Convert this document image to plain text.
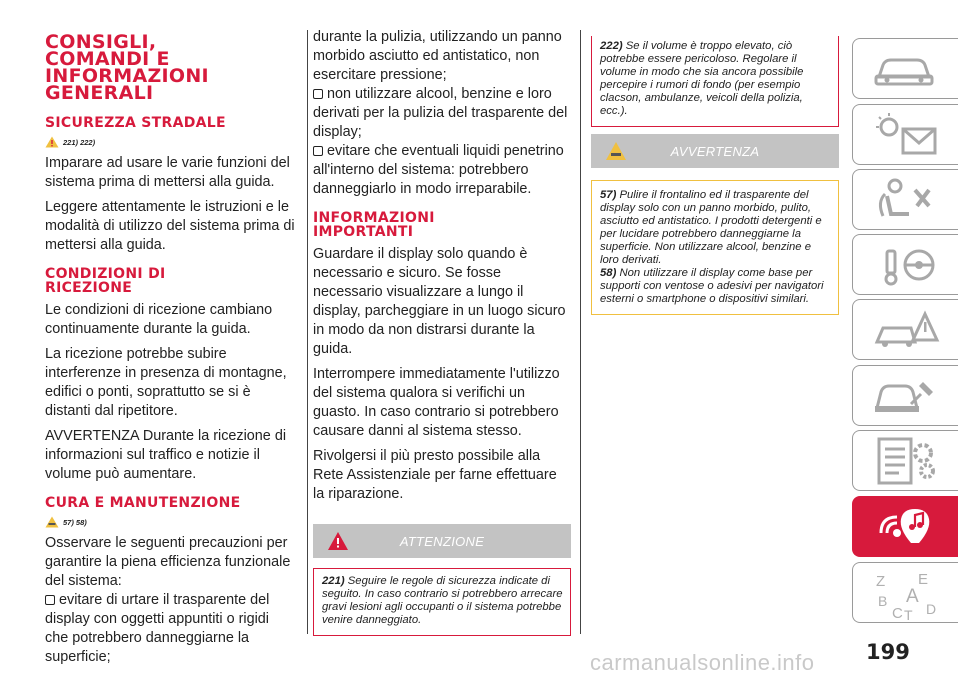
CONSIGLI,
COMANDI E
INFORMAZIONI
GENERALI
SICUREZZA STRADALE
221) 222)

Imparare ad usare le varie funzioni del sistema prima di mettersi alla guida.

Leggere attentamente le istruzioni e le modalità di utilizzo del sistema prima di mettersi alla guida.

CONDIZIONI DI
RICEZIONE

Le condizioni di ricezione cambiano continuamente durante la guida.

La ricezione potrebbe subire interferenze in presenza di montagne, edifici o ponti, soprattutto se si è distanti dal ripetitore.

AVVERTENZA Durante la ricezione di informazioni sul traffico e notizie il volume può aumentare.

CURA E MANUTENZIONE
57) 58)

Osservare le seguenti precauzioni per garantire la piena efficienza funzionale del sistema:

evitare di urtare il trasparente del display con oggetti appuntiti o rigidi che potrebbero danneggiarne la superficie;
durante la pulizia, utilizzando un panno morbido asciutto ed antistatico, non esercitare pressione;
non utilizzare alcool, benzine e loro derivati per la pulizia del trasparente del display;
evitare che eventuali liquidi penetrino all'interno del sistema: potrebbero danneggiarlo in modo irreparabile.
INFORMAZIONI
IMPORTANTI

Guardare il display solo quando è necessario e sicuro. Se fosse necessario visualizzare a lungo il display, parcheggiare in un luogo sicuro in modo da non distrarsi durante la guida.

Interrompere immediatamente l'utilizzo del sistema qualora si verifichi un guasto. In caso contrario si potrebbero causare danni al sistema stesso.

Rivolgersi il più presto possibile alla Rete Assistenziale per farne effettuare la riparazione.

ATTENZIONE
221) Seguire le regole di sicurezza indicate di seguito. In caso contrario si potrebbero arrecare gravi lesioni agli occupanti o il sistema potrebbe venire danneggiato.
222) Se il volume è troppo elevato, ciò potrebbe essere pericoloso. Regolare il volume in modo che sia ancora possibile percepire i rumori di fondo (per esempio clacson, ambulanze, veicoli della polizia, ecc.).
AVVERTENZA
57) Pulire il frontalino ed il trasparente del display solo con un panno morbido, pulito, asciutto ed antistatico. I prodotti detergenti e per lucidare potrebbero danneggiarne la superficie. Non utilizzare alcool, benzine e loro derivati.
58) Non utilizzare il display come base per supporti con ventose o adesivi per navigatori esterni o smartphone o dispositivi similari.
Z E
A
B
C T D
199
carmanualsonline.info
